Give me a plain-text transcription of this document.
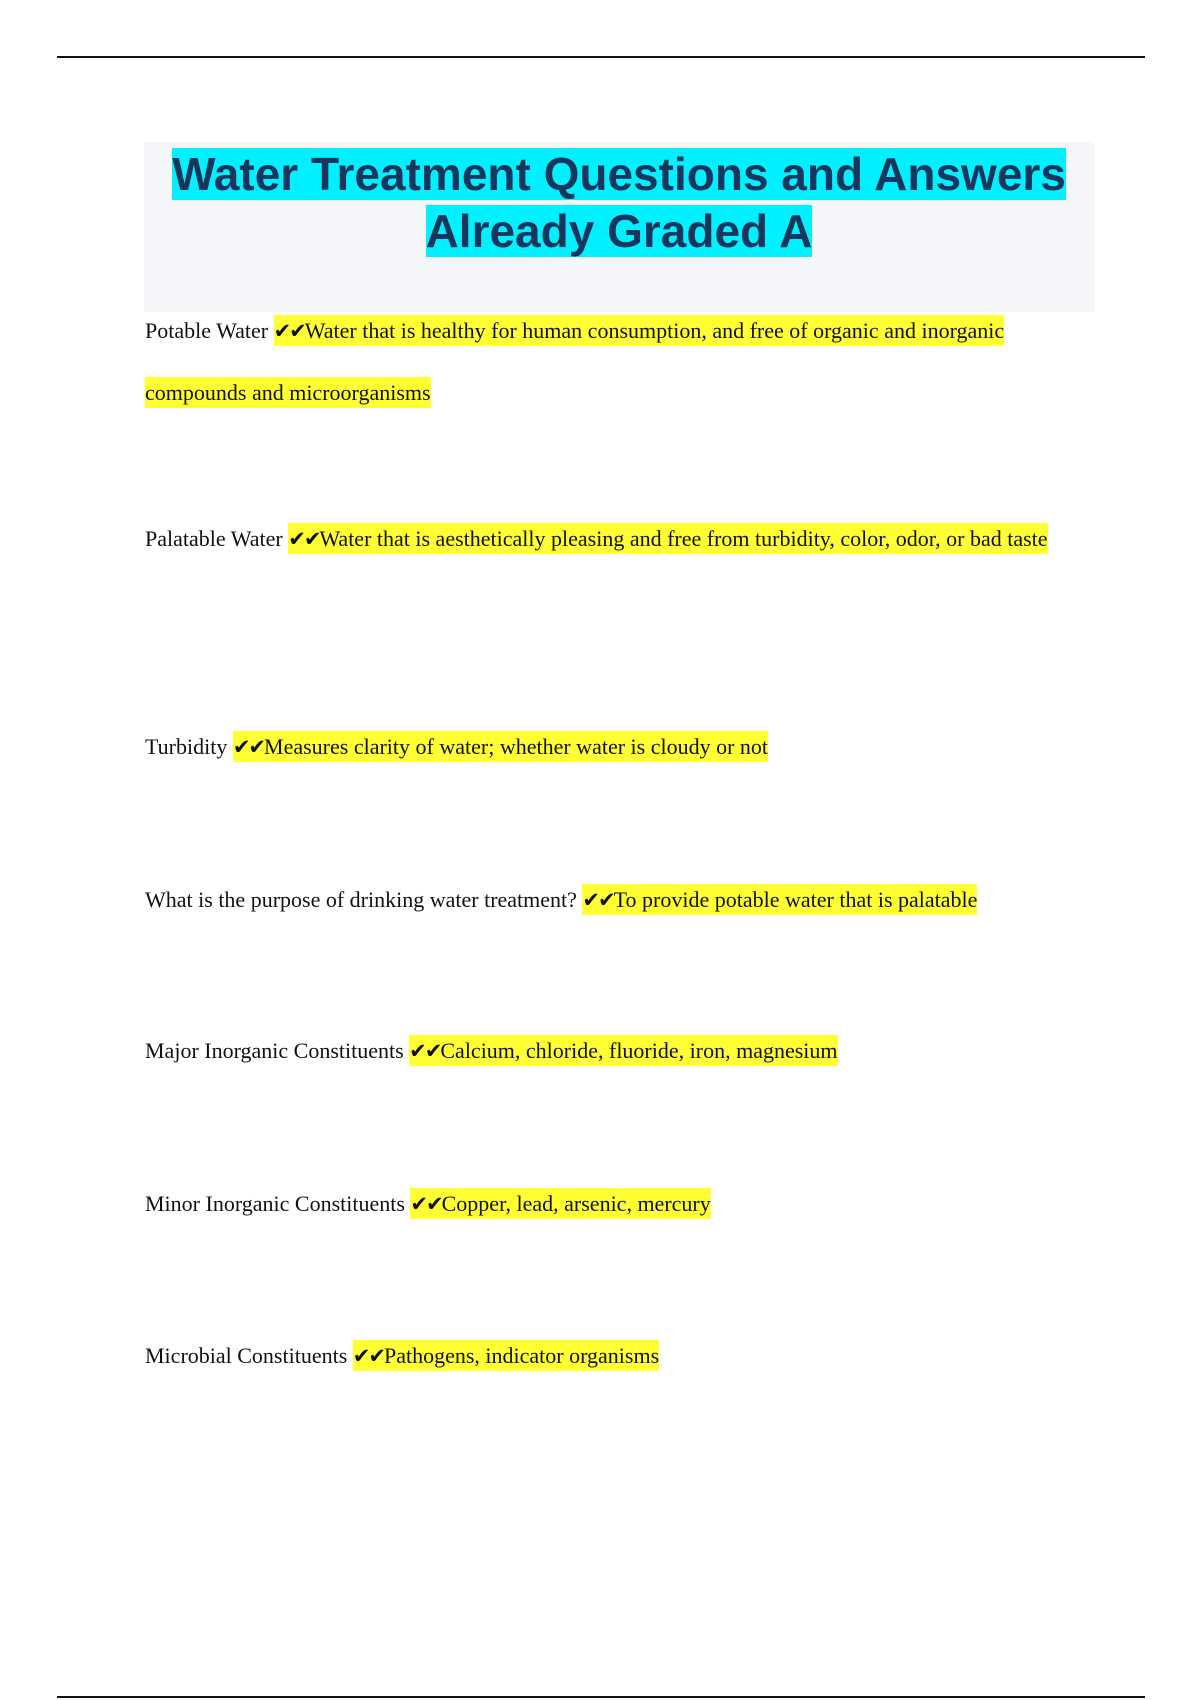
Water Treatment Questions and Answers
Already Graded A
Potable Water ✔✔Water that is healthy for human consumption, and free of organic and inorganic compounds and microorganisms
Palatable Water ✔✔Water that is aesthetically pleasing and free from turbidity, color, odor, or bad taste
Turbidity ✔✔Measures clarity of water; whether water is cloudy or not
What is the purpose of drinking water treatment? ✔✔To provide potable water that is palatable
Major Inorganic Constituents ✔✔Calcium, chloride, fluoride, iron, magnesium
Minor Inorganic Constituents ✔✔Copper, lead, arsenic, mercury
Microbial Constituents ✔✔Pathogens, indicator organisms
